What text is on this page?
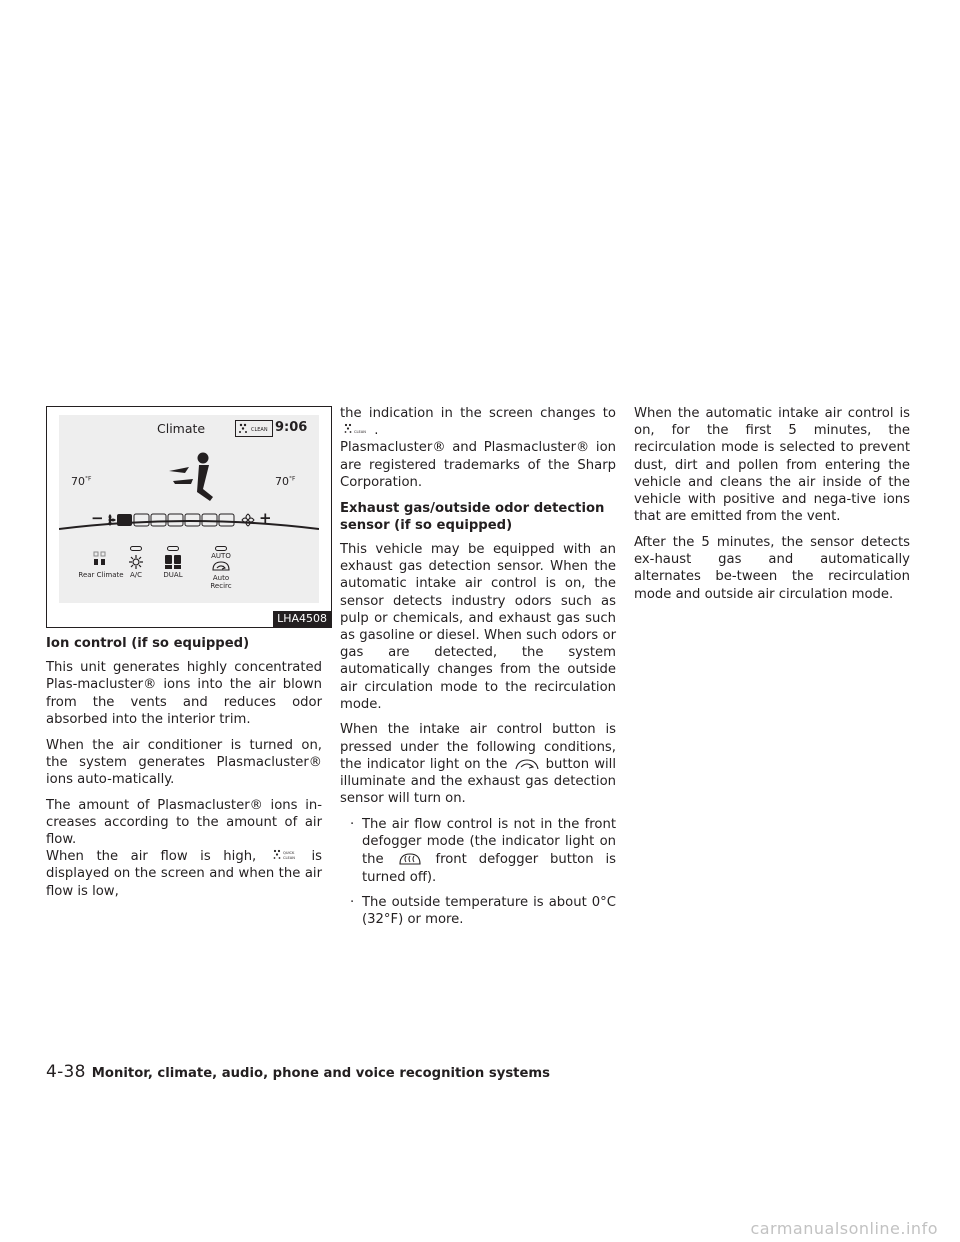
Climate	CLEAN 9:06
$70^{^\circ F}$	$70^{^\circ F}$
−	+
Rear Climate A/C	DUAL
AUTO
Auto
Recirc
LHA4508
Ion control (if so equipped)

This unit generates highly concentrated Plas-macluster® ions into the air blown from the vents and reduces odor absorbed into the interior trim.

When the air conditioner is turned on, the system generates Plasmacluster® ions auto-matically.

The amount of Plasmacluster® ions in-creases according to the amount of air flow.

When the air flow is high,	QUICK
CLEAN is displayed on the screen and when the air flow is low,

the indication in the screen changes to
CLEAN .

Plasmacluster® and Plasmacluster® ion are registered trademarks of the Sharp Corporation.

Exhaust gas/outside odor detection sensor (if so equipped)

This vehicle may be equipped with an exhaust gas detection sensor. When the automatic intake air control is on, the sensor detects industry odors such as pulp or chemicals, and exhaust gas such as gasoline or diesel. When such odors or gas are detected, the system automatically changes from the outside air circulation mode to the recirculation mode.

When the intake air control button is pressed under the following conditions, the indicator light on the	button will illuminate and the exhaust gas detection sensor will turn on.

· The air flow control is not in the front defogger mode (the indicator light on the	front defogger button is turned off).
· The outside temperature is about 0°C (32°F) or more.

When the automatic intake air control is on, for the first 5 minutes, the recirculation mode is selected to prevent dust, dirt and pollen from entering the vehicle and cleans the air inside of the vehicle with positive and nega-tive ions that are emitted from the vent.

After the 5 minutes, the sensor detects ex-haust gas and automatically alternates be-tween the recirculation mode and outside air circulation mode.

4-38 Monitor, climate, audio, phone and voice recognition systems
carmanualsonline.info
